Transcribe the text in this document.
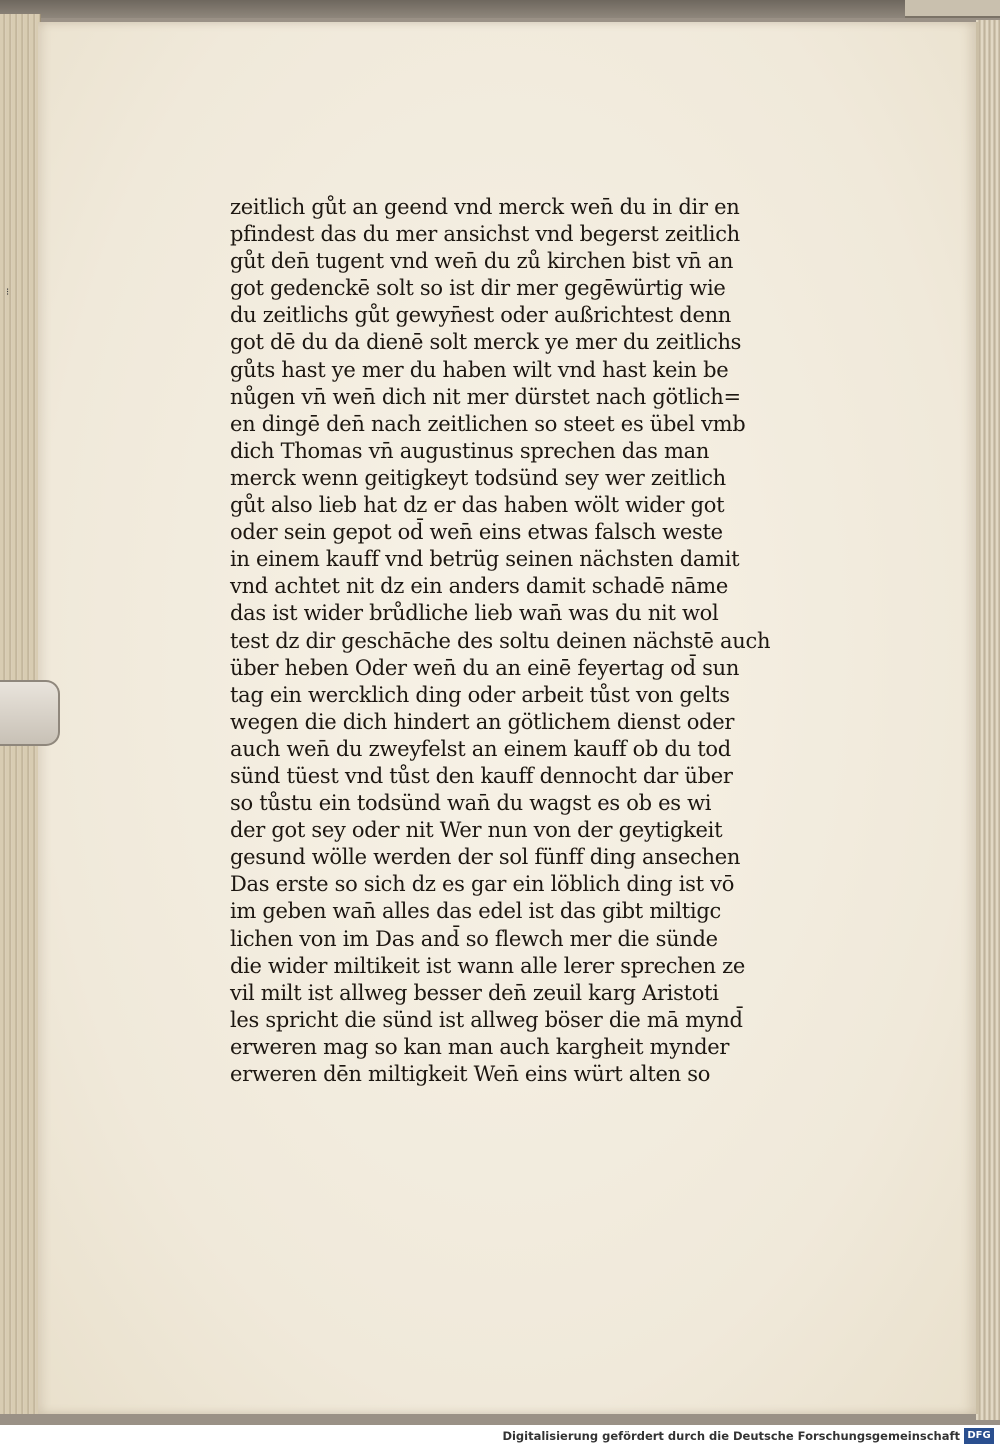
⁝
zeitlich gůt an geend vnd merck wen̄ du in dir en
pfindest das du mer ansichst vnd begerst zeitlich
gůt den̄ tugent vnd wen̄ du zů kirchen bist vn̄ an
got gedenckē solt so ist dir mer gegēwürtig wie
du zeitlichs gůt gewyn̄est oder außrichtest denn
got dē du da dienē solt merck ye mer du zeitlichs
gůts hast ye mer du haben wilt vnd hast kein be
nůgen vn̄ wen̄ dich nit mer dürstet nach götlich=
en dingē den̄ nach zeitlichen so steet es übel vmb
dich Thomas vn̄ augustinus sprechen das man
merck wenn geitigkeyt todsünd sey wer zeitlich
gůt also lieb hat dz er das haben wölt wider got
oder sein gepot od̄ wen̄ eins etwas falsch weste
in einem kauff vnd betrüg seinen nächsten damit
vnd achtet nit dz ein anders damit schadē nāme
das ist wider brůdliche lieb wan̄ was du nit wol
test dz dir geschāche des soltu deinen nächstē auch
über heben Oder wen̄ du an einē feyertag od̄ sun
tag ein wercklich ding oder arbeit tůst von gelts
wegen die dich hindert an götlichem dienst oder
auch wen̄ du zweyfelst an einem kauff ob du tod
sünd tüest vnd tůst den kauff dennocht dar über
so tůstu ein todsünd wan̄ du wagst es ob es wi
der got sey oder nit Wer nun von der geytigkeit
gesund wölle werden der sol fünff ding ansechen
Das erste so sich dz es gar ein löblich ding ist vō
im geben wan̄ alles das edel ist das gibt miltigc
lichen von im Das and̄ so flewch mer die sünde
die wider miltikeit ist wann alle lerer sprechen ze
vil milt ist allweg besser den̄ zeuil karg Aristoti
les spricht die sünd ist allweg böser die mā mynd̄
erweren mag so kan man auch kargheit mynder
erweren dēn miltigkeit Wen̄ eins würt alten so
Digitalisierung gefördert durch die Deutsche Forschungsgemeinschaft DFG
